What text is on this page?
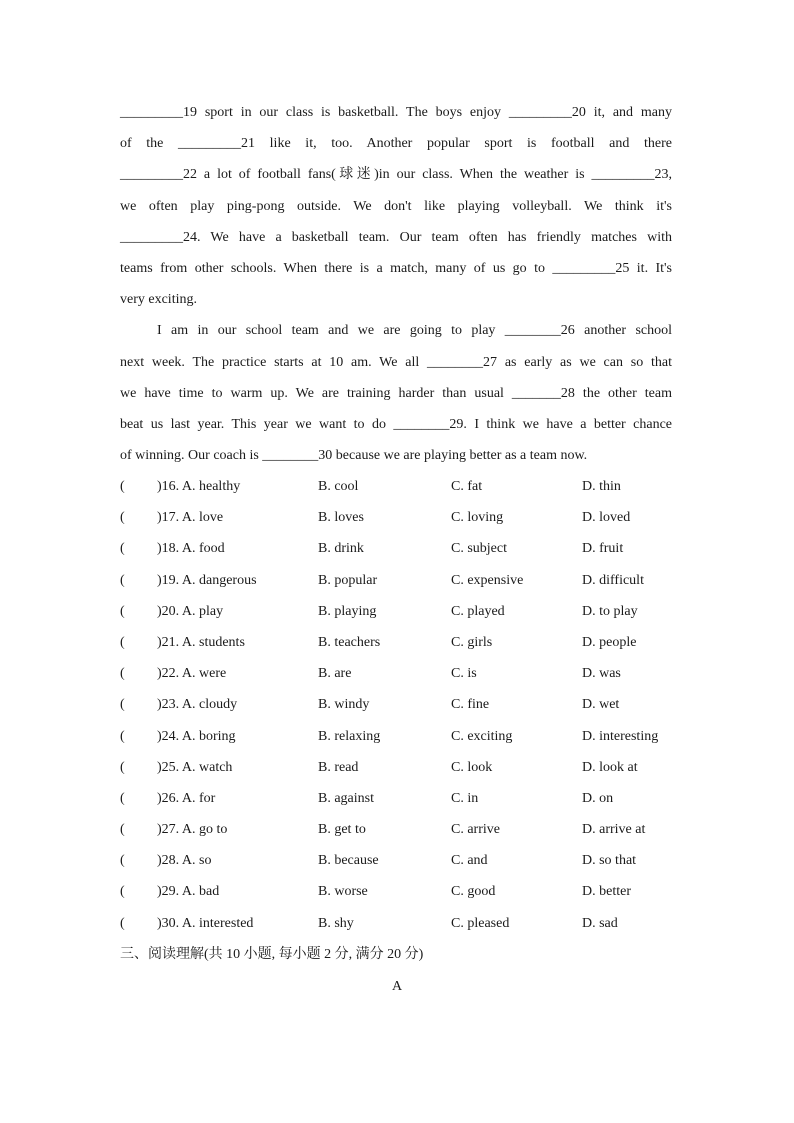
_________19 sport in our class is basketball. The boys enjoy _________20 it, and many
of the _________21 like it, too. Another popular sport is football and there
_________22 a lot of football fans(球迷)in our class. When the weather is _________23,
we often play ping-pong outside. We don't like playing volleyball. We think it's
_________24. We have a basketball team. Our team often has friendly matches with
teams from other schools. When there is a match, many of us go to _________25 it. It's
very exciting.
I am in our school team and we are going to play ________26 another school
next week. The practice starts at 10 am. We all ________27 as early as we can so that
we have time to warm up. We are training harder than usual _______28 the other team
beat us last year. This year we want to do ________29. I think we have a better chance
of winning. Our coach is ________30 because we are playing better as a team now.
( )16. A. healthy	B. cool	C. fat	D. thin
( )17. A. love	B. loves	C. loving	D. loved
( )18. A. food	B. drink	C. subject	D. fruit
( )19. A. dangerous	B. popular	C. expensive	D. difficult
( )20. A. play	B. playing	C. played	D. to play
( )21. A. students	B. teachers	C. girls	D. people
( )22. A. were	B. are	C. is	D. was
( )23. A. cloudy	B. windy	C. fine	D. wet
( )24. A. boring	B. relaxing	C. exciting	D. interesting
( )25. A. watch	B. read	C. look	D. look at
( )26. A. for	B. against	C. in	D. on
( )27. A. go to	B. get to	C. arrive	D. arrive at
( )28. A. so	B. because	C. and	D. so that
( )29. A. bad	B. worse	C. good	D. better
( )30. A. interested	B. shy	C. pleased	D. sad
三、阅读理解(共 10 小题, 每小题 2 分, 满分 20 分)
A
